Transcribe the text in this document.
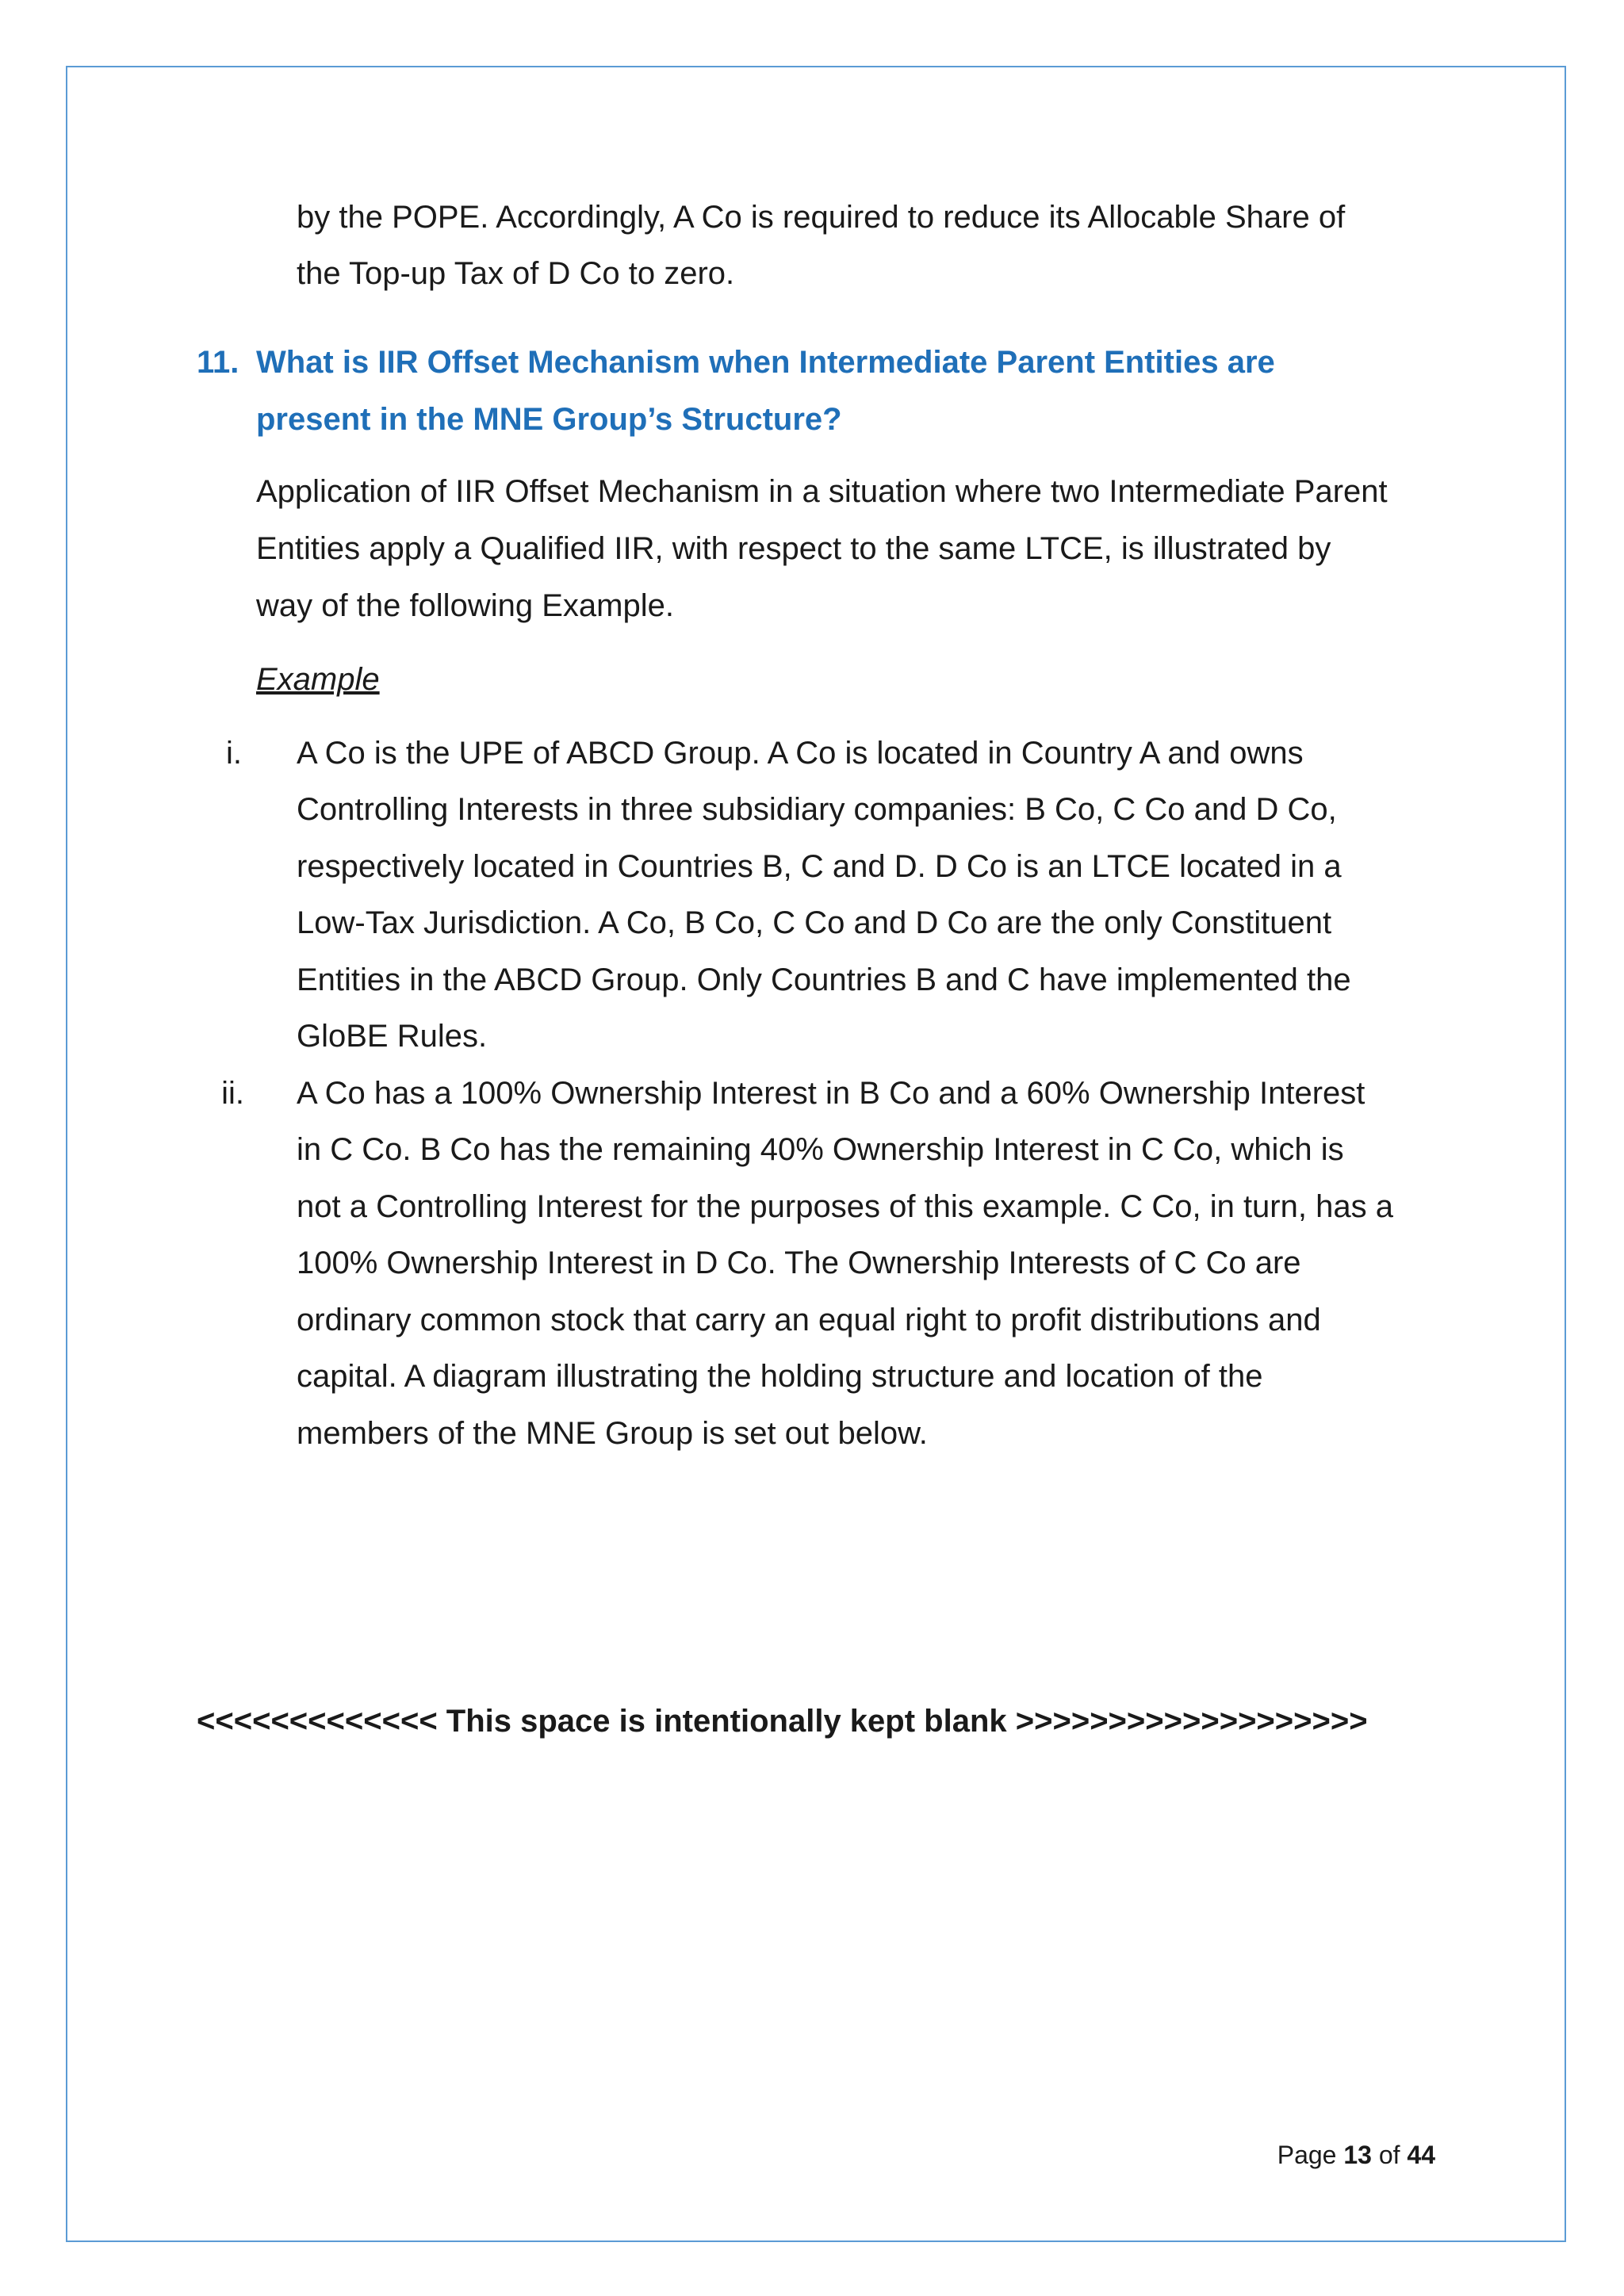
by the POPE. Accordingly, A Co is required to reduce its Allocable Share of

the Top-up Tax of D Co to zero.

11. What is IIR Offset Mechanism when Intermediate Parent Entities are
present in the MNE Group’s Structure?

Application of IIR Offset Mechanism in a situation where two Intermediate Parent

Entities apply a Qualified IIR, with respect to the same LTCE, is illustrated by

way of the following Example.

Example
i. A Co is the UPE of ABCD Group. A Co is located in Country A and owns

Controlling Interests in three subsidiary companies: B Co, C Co and D Co,

respectively located in Countries B, C and D. D Co is an LTCE located in a

Low-Tax Jurisdiction. A Co, B Co, C Co and D Co are the only Constituent

Entities in the ABCD Group. Only Countries B and C have implemented the

GloBE Rules.

ii. A Co has a 100% Ownership Interest in B Co and a 60% Ownership Interest

in C Co. B Co has the remaining 40% Ownership Interest in C Co, which is

not a Controlling Interest for the purposes of this example. C Co, in turn, has a

100% Ownership Interest in D Co. The Ownership Interests of C Co are

ordinary common stock that carry an equal right to profit distributions and

capital. A diagram illustrating the holding structure and location of the

members of the MNE Group is set out below.

<<<<<<<<<<<<< This space is intentionally kept blank >>>>>>>>>>>>>>>>>>>
Page 13 of 44
